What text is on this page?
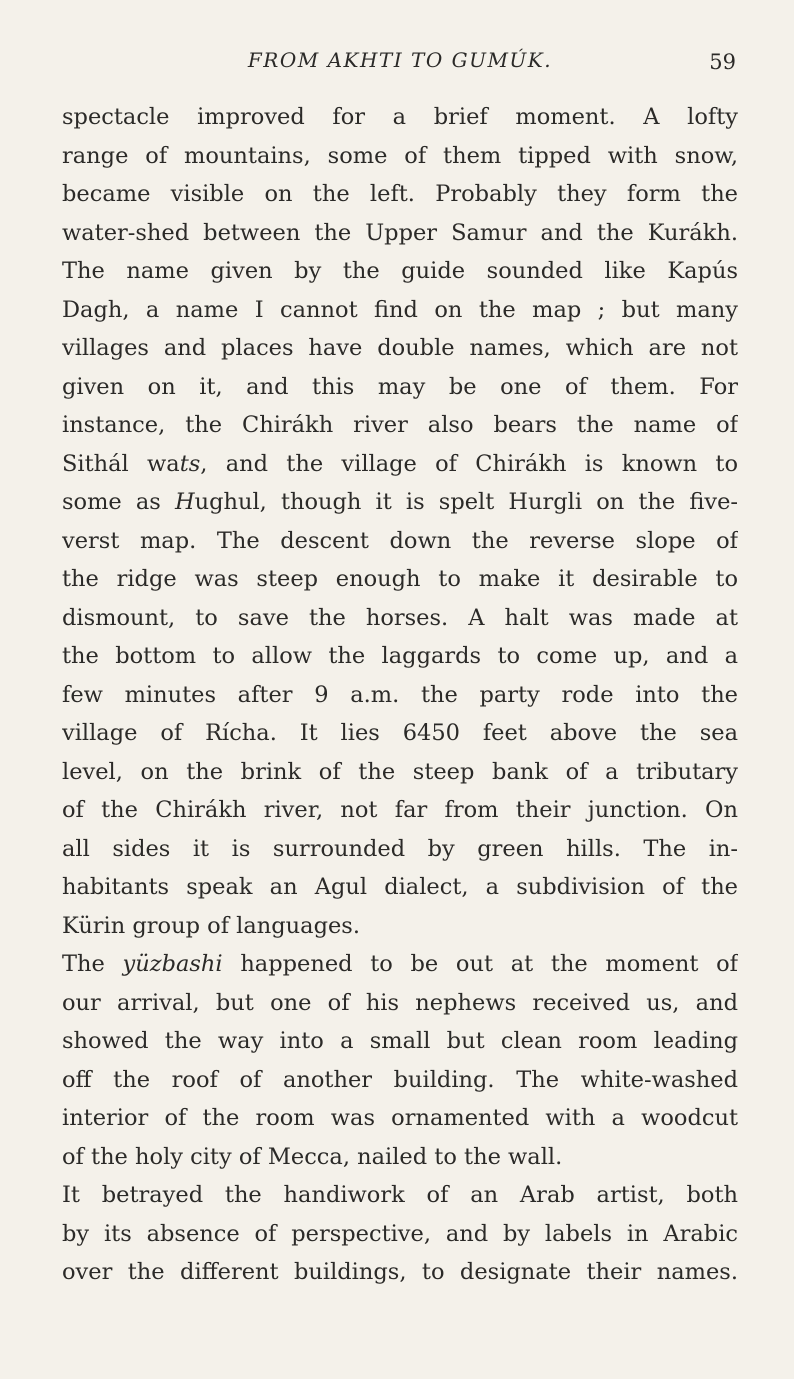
FROM AKHTI TO GUMÚK.	59
spectacle improved for a brief moment. A lofty
range of mountains, some of them tipped with snow,
became visible on the left. Probably they form the
water-shed between the Upper Samur and the Kurákh.
The name given by the guide sounded like Kapús
Dagh, a name I cannot find on the map ; but many
villages and places have double names, which are not
given on it, and this may be one of them. For
instance, the Chirákh river also bears the name of
Sithál wats, and the village of Chirákh is known to
some as Hughul, though it is spelt Hurgli on the five-
verst map. The descent down the reverse slope of
the ridge was steep enough to make it desirable to
dismount, to save the horses. A halt was made at
the bottom to allow the laggards to come up, and a
few minutes after 9 a.m. the party rode into the
village of Rícha. It lies 6450 feet above the sea
level, on the brink of the steep bank of a tributary
of the Chirákh river, not far from their junction. On
all sides it is surrounded by green hills. The in-
habitants speak an Agul dialect, a subdivision of the
Kürin group of languages.
The yüzbashi happened to be out at the moment of
our arrival, but one of his nephews received us, and
showed the way into a small but clean room leading
off the roof of another building. The white-washed
interior of the room was ornamented with a woodcut
of the holy city of Mecca, nailed to the wall.
It betrayed the handiwork of an Arab artist, both
by its absence of perspective, and by labels in Arabic
over the different buildings, to designate their names.
